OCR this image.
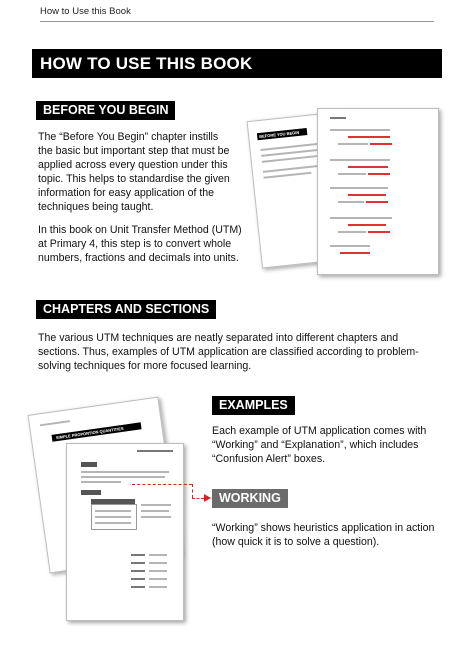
How to Use this Book
HOW TO USE THIS BOOK
BEFORE YOU BEGIN

The “Before You Begin” chapter instills the basic but important step that must be applied across every question under this topic. This helps to standardise the given information for easy application of the techniques being taught.

In this book on Unit Transfer Method (UTM) at Primary 4, this step is to convert whole numbers, fractions and decimals into units.

BEFORE YOU BEGIN
CHAPTERS AND SECTIONS

The various UTM techniques are neatly separated into different chapters and sections. Thus, examples of UTM application are classified according to problem-solving techniques for more focused learning.

SIMPLE PROPORTION QUANTITIES
EXAMPLES

Each example of UTM application comes with “Working” and “Explanation”, which includes “Confusion Alert” boxes.

WORKING

“Working” shows heuristics application in action (how quick it is to solve a question).
